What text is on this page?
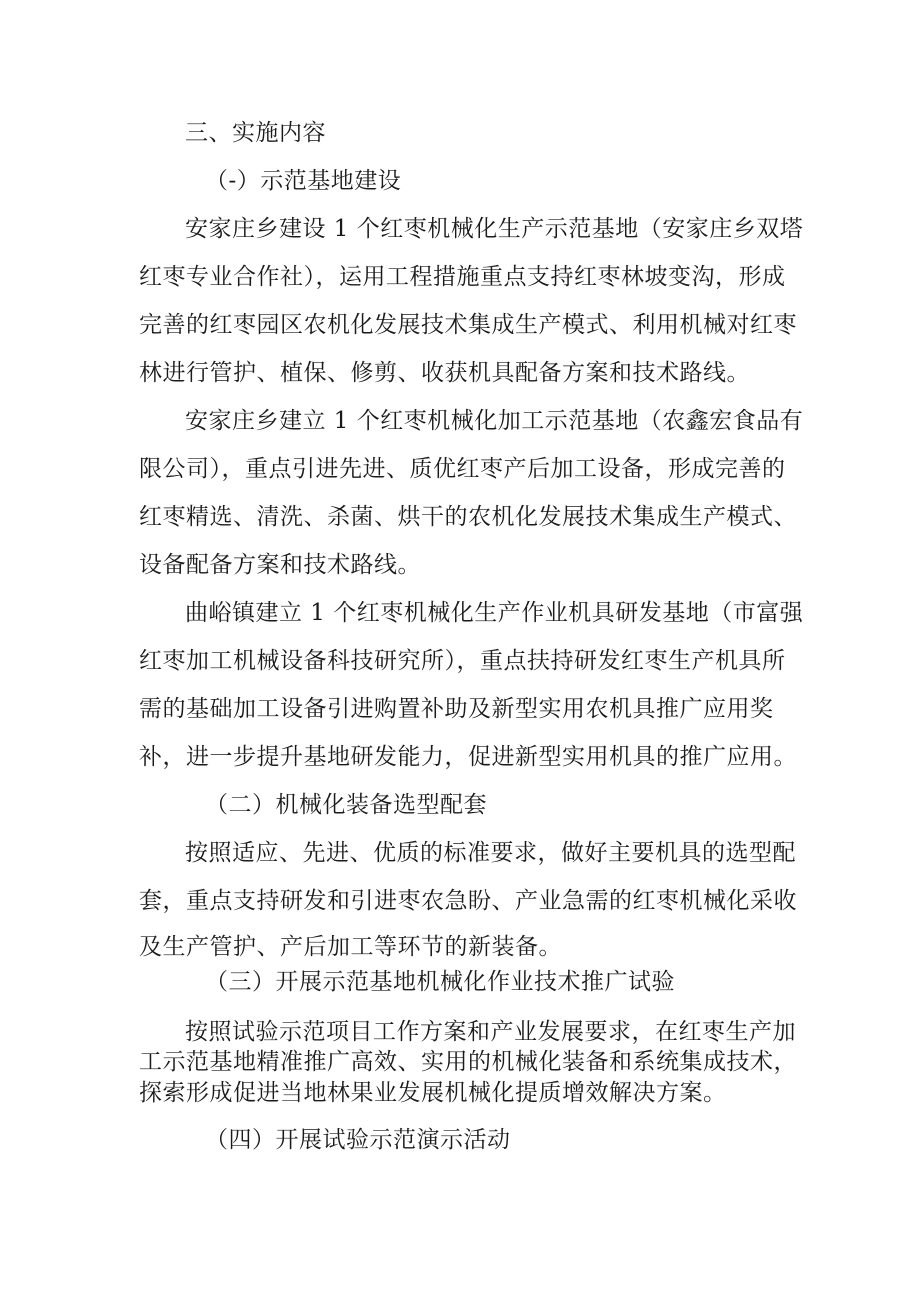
三、实施内容
（-）示范基地建设
安家庄乡建设 1 个红枣机械化生产示范基地（安家庄乡双塔
红枣专业合作社），运用工程措施重点支持红枣林坡变沟，形成
完善的红枣园区农机化发展技术集成生产模式、利用机械对红枣
林进行管护、植保、修剪、收获机具配备方案和技术路线。
安家庄乡建立 1 个红枣机械化加工示范基地（农鑫宏食品有
限公司），重点引进先进、质优红枣产后加工设备，形成完善的
红枣精选、清洗、杀菌、烘干的农机化发展技术集成生产模式、
设备配备方案和技术路线。
曲峪镇建立 1 个红枣机械化生产作业机具研发基地（市富强
红枣加工机械设备科技研究所），重点扶持研发红枣生产机具所
需的基础加工设备引进购置补助及新型实用农机具推广应用奖
补，进一步提升基地研发能力，促进新型实用机具的推广应用。
（二）机械化装备选型配套
按照适应、先进、优质的标准要求，做好主要机具的选型配
套，重点支持研发和引进枣农急盼、产业急需的红枣机械化采收
及生产管护、产后加工等环节的新装备。
（三）开展示范基地机械化作业技术推广试验
按照试验示范项目工作方案和产业发展要求，在红枣生产加
工示范基地精准推广高效、实用的机械化装备和系统集成技术，
探索形成促进当地林果业发展机械化提质增效解决方案。
（四）开展试验示范演示活动
